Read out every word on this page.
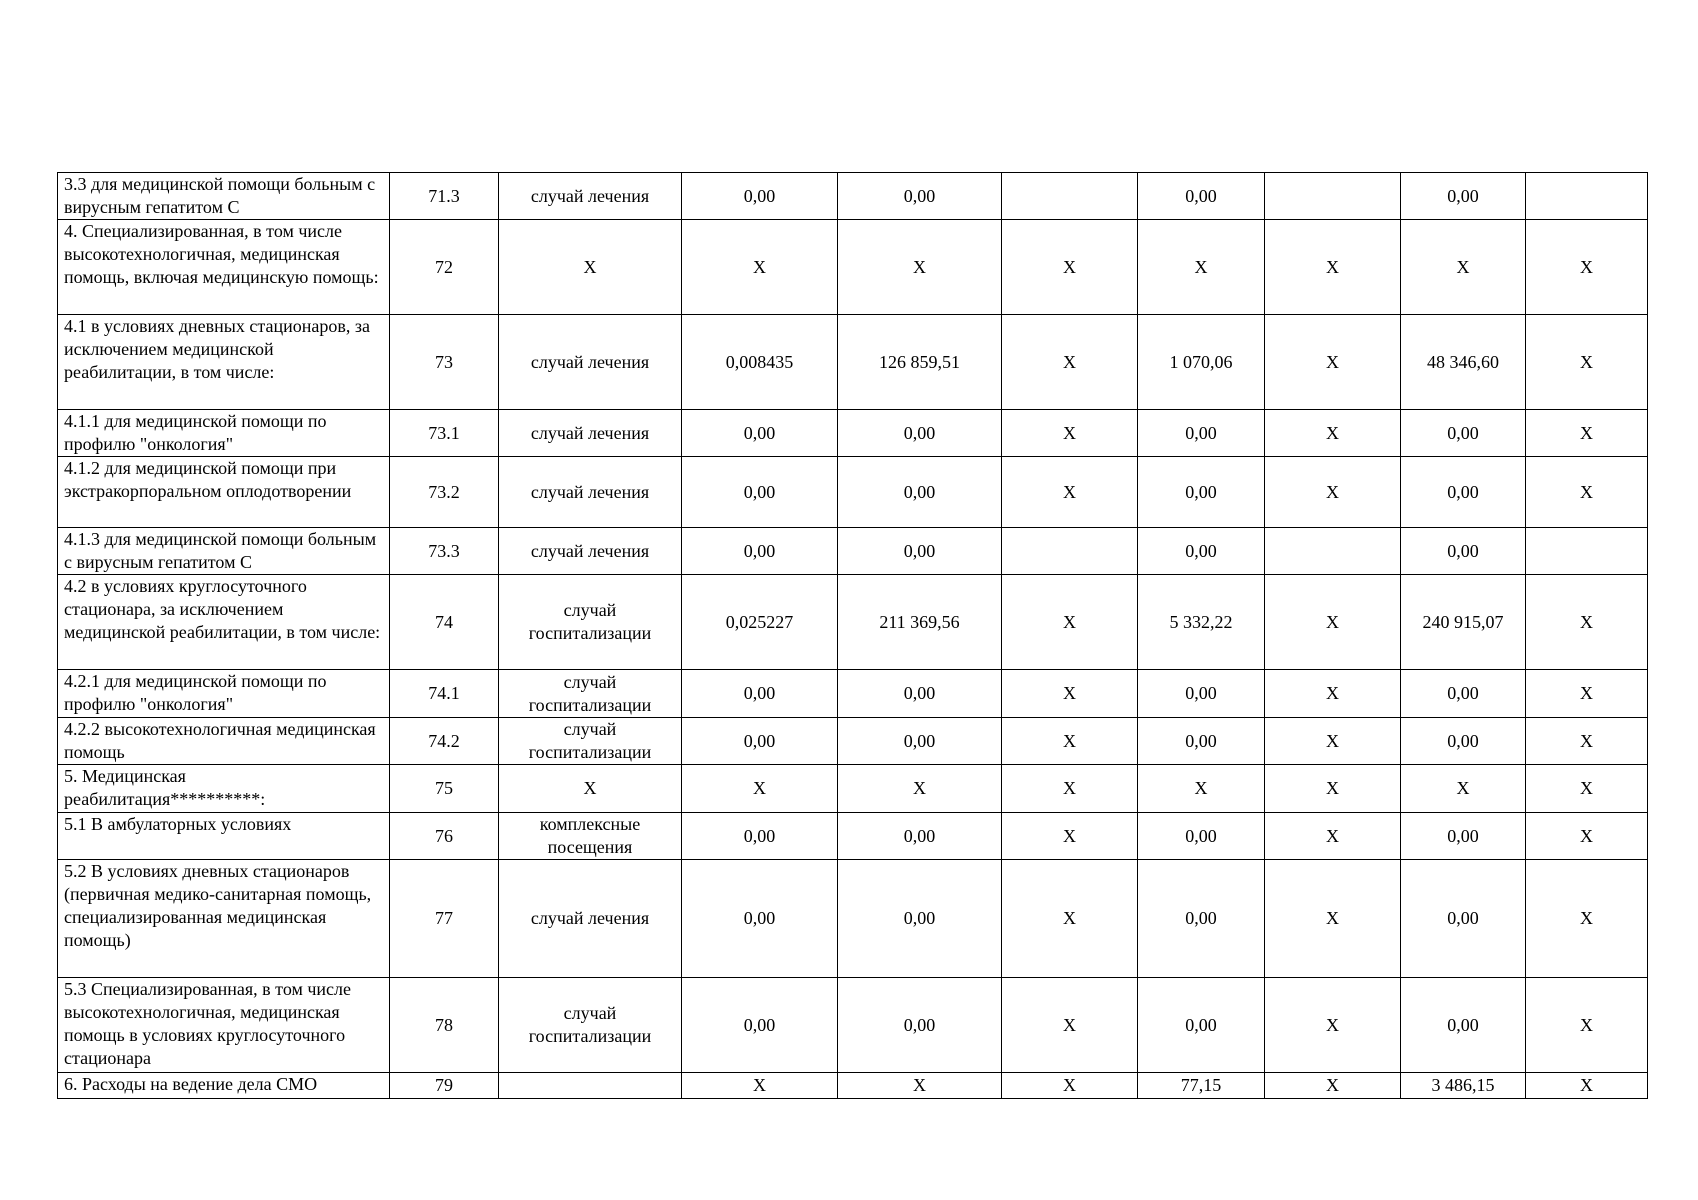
3.3 для медицинской помощи больным с вирусным гепатитом С	71.3	случай лечения	0,00	0,00		0,00		0,00	
4. Специализированная, в том числе высокотехнологичная, медицинская помощь, включая медицинскую помощь:	72	X	X	X	X	X	X	X	X
4.1 в условиях дневных стационаров, за исключением медицинской реабилитации, в том числе:	73	случай лечения	0,008435	126 859,51	X	1 070,06	X	48 346,60	X
4.1.1 для медицинской помощи по профилю "онкология"	73.1	случай лечения	0,00	0,00	X	0,00	X	0,00	X
4.1.2 для медицинской помощи при экстракорпоральном оплодотворении	73.2	случай лечения	0,00	0,00	X	0,00	X	0,00	X
4.1.3 для медицинской помощи больным с вирусным гепатитом С	73.3	случай лечения	0,00	0,00		0,00		0,00	
4.2 в условиях круглосуточного стационара, за исключением медицинской реабилитации, в том числе:	74	случай госпитализации	0,025227	211 369,56	X	5 332,22	X	240 915,07	X
4.2.1 для медицинской помощи по профилю "онкология"	74.1	случай госпитализации	0,00	0,00	X	0,00	X	0,00	X
4.2.2 высокотехнологичная медицинская помощь	74.2	случай госпитализации	0,00	0,00	X	0,00	X	0,00	X
5. Медицинская реабилитация**********:	75	X	X	X	X	X	X	X	X
5.1 В амбулаторных условиях	76	комплексные посещения	0,00	0,00	X	0,00	X	0,00	X
5.2 В условиях дневных стационаров (первичная медико-санитарная помощь, специализированная медицинская помощь)	77	случай лечения	0,00	0,00	X	0,00	X	0,00	X
5.3 Специализированная, в том числе высокотехнологичная, медицинская помощь в условиях круглосуточного стационара	78	случай госпитализации	0,00	0,00	X	0,00	X	0,00	X
6. Расходы на ведение дела СМО	79		X	X	X	77,15	X	3 486,15	X
